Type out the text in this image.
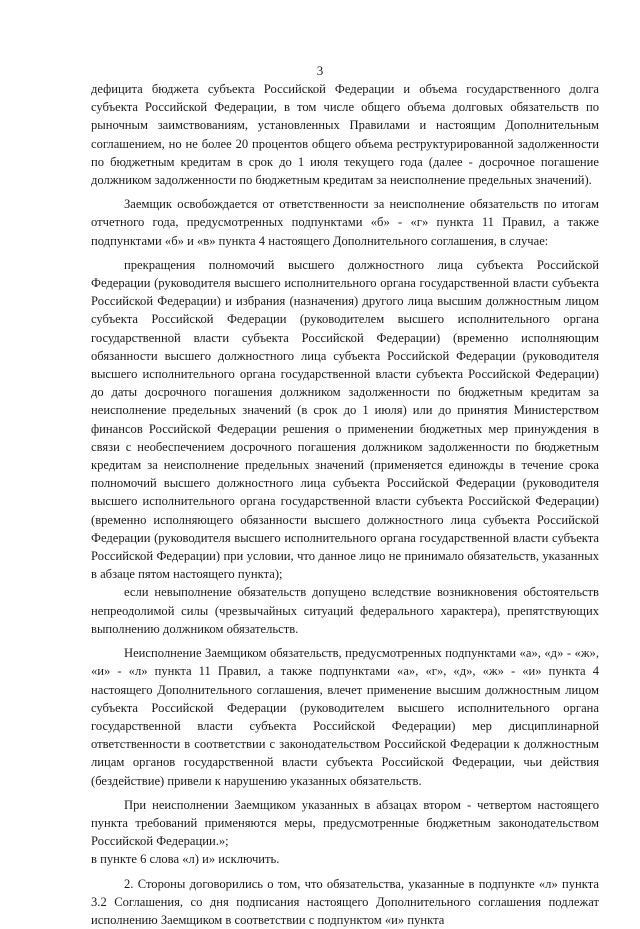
3

дефицита бюджета субъекта Российской Федерации и объема государственного долга субъекта Российской Федерации, в том числе общего объема долговых обязательств по рыночным заимствованиям, установленных Правилами и настоящим Дополнительным соглашением, но не более 20 процентов общего объема реструктурированной задолженности по бюджетным кредитам в срок до 1 июля текущего года (далее - досрочное погашение должником задолженности по бюджетным кредитам за неисполнение предельных значений).

Заемщик освобождается от ответственности за неисполнение обязательств по итогам отчетного года, предусмотренных подпунктами «б» - «г» пункта 11 Правил, а также подпунктами «б» и «в» пункта 4 настоящего Дополнительного соглашения, в случае:

прекращения полномочий высшего должностного лица субъекта Российской Федерации (руководителя высшего исполнительного органа государственной власти субъекта Российской Федерации) и избрания (назначения) другого лица высшим должностным лицом субъекта Российской Федерации (руководителем высшего исполнительного органа государственной власти субъекта Российской Федерации) (временно исполняющим обязанности высшего должностного лица субъекта Российской Федерации (руководителя высшего исполнительного органа государственной власти субъекта Российской Федерации) до даты досрочного погашения должником задолженности по бюджетным кредитам за неисполнение предельных значений (в срок до 1 июля) или до принятия Министерством финансов Российской Федерации решения о применении бюджетных мер принуждения в связи с необеспечением досрочного погашения должником задолженности по бюджетным кредитам за неисполнение предельных значений (применяется единожды в течение срока полномочий высшего должностного лица субъекта Российской Федерации (руководителя высшего исполнительного органа государственной власти субъекта Российской Федерации) (временно исполняющего обязанности высшего должностного лица субъекта Российской Федерации (руководителя высшего исполнительного органа государственной власти субъекта Российской Федерации) при условии, что данное лицо не принимало обязательств, указанных в абзаце пятом настоящего пункта);

если невыполнение обязательств допущено вследствие возникновения обстоятельств непреодолимой силы (чрезвычайных ситуаций федерального характера), препятствующих выполнению должником обязательств.

Неисполнение Заемщиком обязательств, предусмотренных подпунктами «а», «д» - «ж», «и» - «л» пункта 11 Правил, а также подпунктами «а», «г», «д», «ж» - «и» пункта 4 настоящего Дополнительного соглашения, влечет применение высшим должностным лицом субъекта Российской Федерации (руководителем высшего исполнительного органа государственной власти субъекта Российской Федерации) мер дисциплинарной ответственности в соответствии с законодательством Российской Федерации к должностным лицам органов государственной власти субъекта Российской Федерации, чьи действия (бездействие) привели к нарушению указанных обязательств.

При неисполнении Заемщиком указанных в абзацах втором - четвертом настоящего пункта требований применяются меры, предусмотренные бюджетным законодательством Российской Федерации.»;

в пункте 6 слова «л) и» исключить.

2. Стороны договорились о том, что обязательства, указанные в подпункте «л» пункта 3.2 Соглашения, со дня подписания настоящего Дополнительного соглашения подлежат исполнению Заемщиком в соответствии с подпунктом «и» пункта
